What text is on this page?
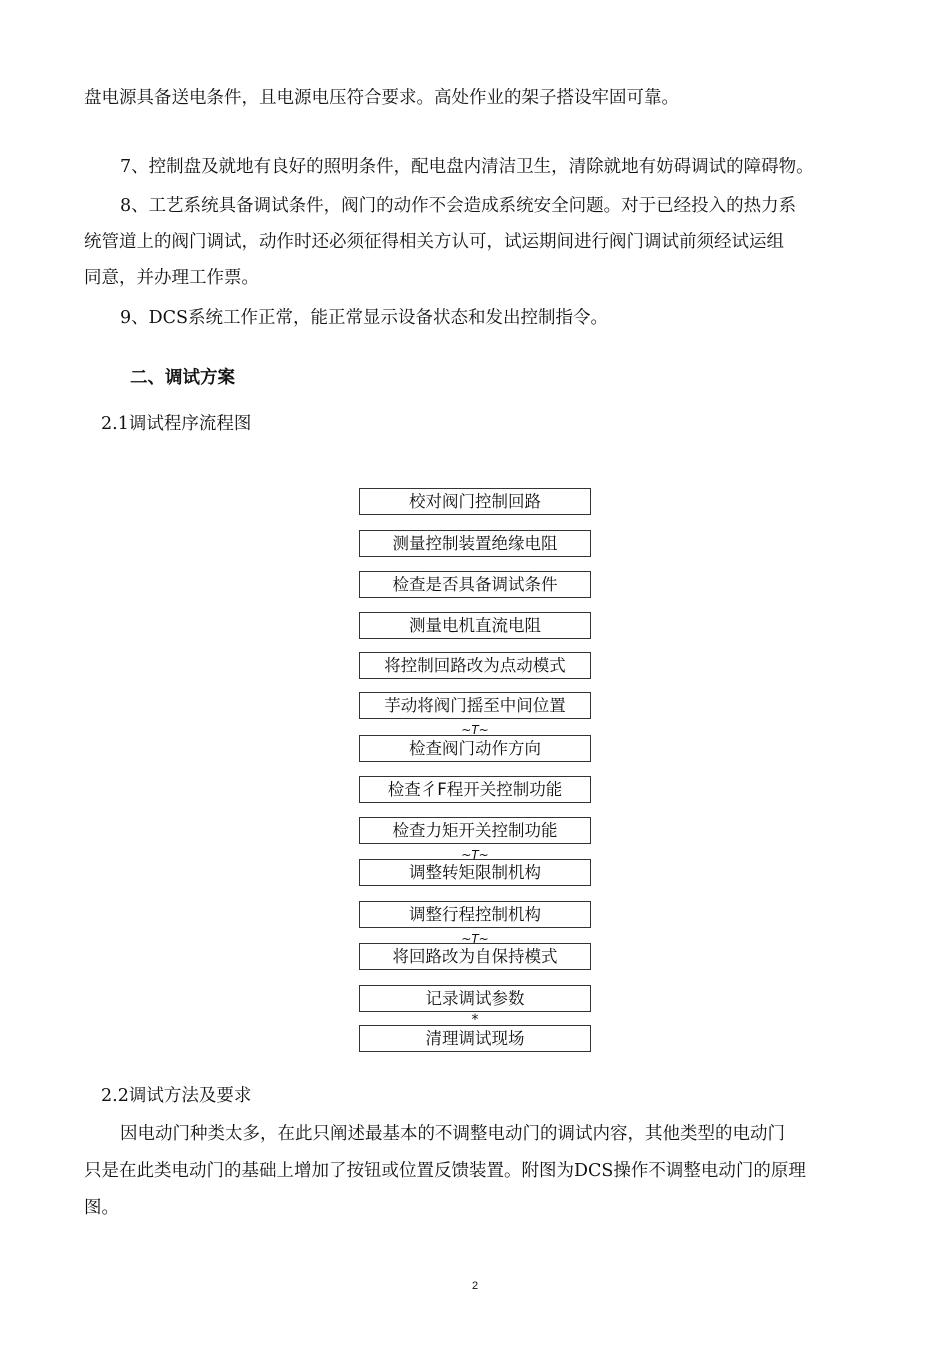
盘电源具备送电条件，且电源电压符合要求。高处作业的架子搭设牢固可靠。
7、控制盘及就地有良好的照明条件，配电盘内清洁卫生，清除就地有妨碍调试的障碍物。
8、工艺系统具备调试条件，阀门的动作不会造成系统安全问题。对于已经投入的热力系
统管道上的阀门调试，动作时还必须征得相关方认可，试运期间进行阀门调试前须经试运组
同意，并办理工作票。
9、DCS系统工作正常，能正常显示设备状态和发出控制指令。
二、调试方案
2.1调试程序流程图
校对阀门控制回路
测量控制装置绝缘电阻
检查是否具备调试条件
测量电机直流电阻
将控制回路改为点动模式
芋动将阀门摇至中间位置
~T~
检查阀门动作方向
检查彳F程开关控制功能
检查力矩开关控制功能
~T~
调整转矩限制机构
调整行程控制机构
~T~
将回路改为自保持模式
记录调试参数
*
清理调试现场
2.2调试方法及要求
因电动门种类太多，在此只阐述最基本的不调整电动门的调试内容，其他类型的电动门
只是在此类电动门的基础上增加了按钮或位置反馈装置。附图为DCS操作不调整电动门的原理
图。
2
